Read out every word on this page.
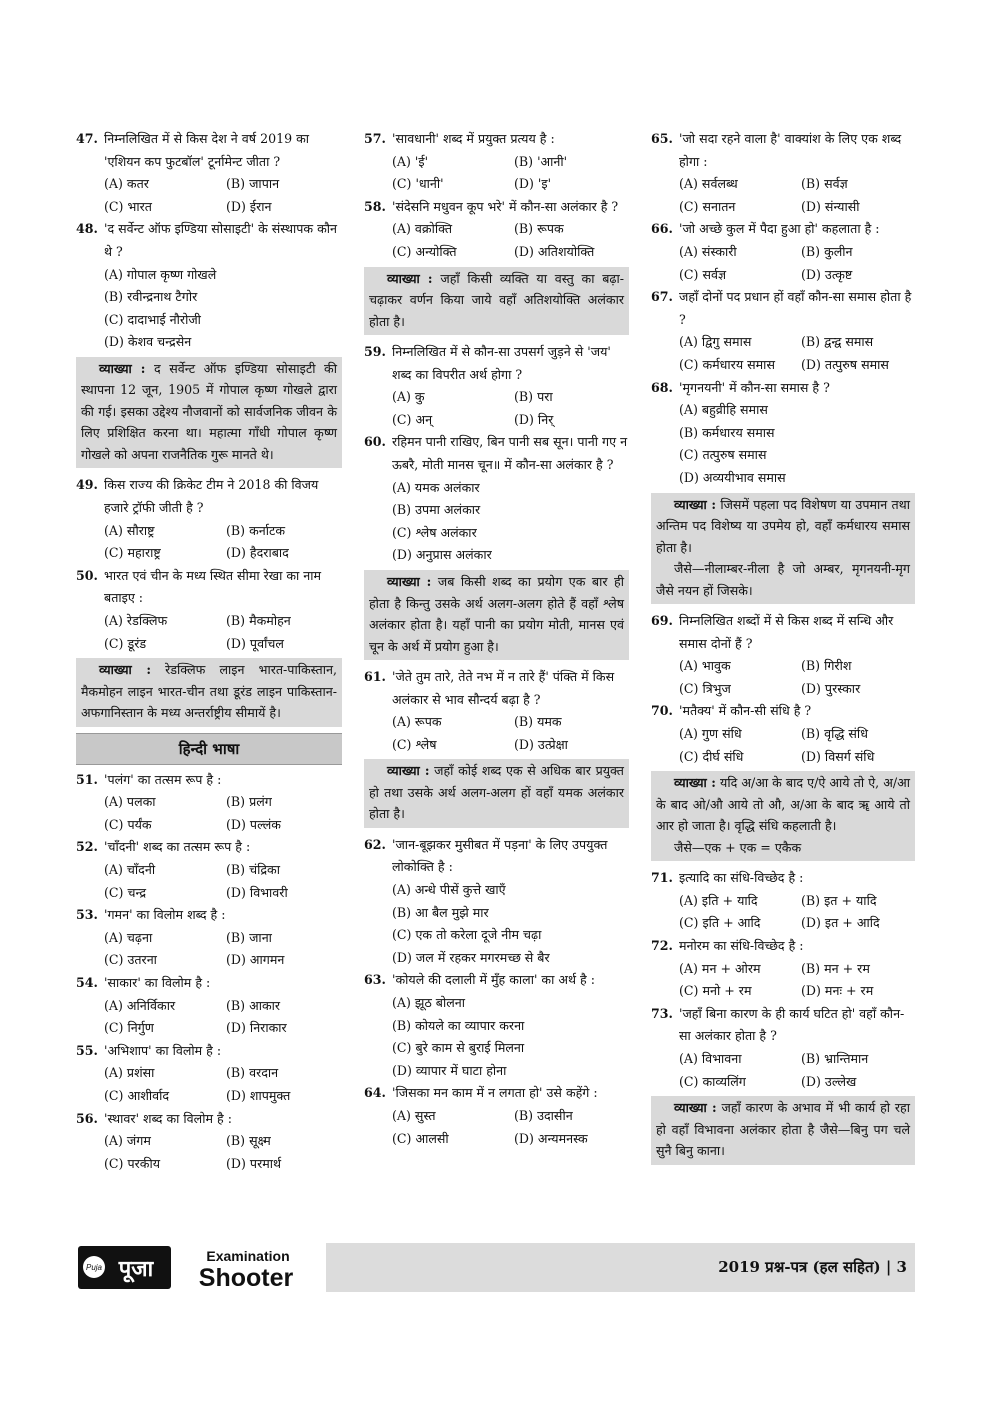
47. निम्नलिखित में से किस देश ने वर्ष 2019 का 'एशियन कप फुटबॉल' टूर्नामेन्ट जीता ?
(A) कतर	(B) जापान
(C) भारत	(D) ईरान
48. 'द सर्वेन्ट ऑफ इण्डिया सोसाइटी' के संस्थापक कौन थे ?
(A) गोपाल कृष्ण गोखले
(B) रवीन्द्रनाथ टैगोर
(C) दादाभाई नौरोजी
(D) केशव चन्द्रसेन
व्याख्या : द सर्वेन्ट ऑफ इण्डिया सोसाइटी की स्थापना 12 जून, 1905 में गोपाल कृष्ण गोखले द्वारा की गई। इसका उद्देश्य नौजवानों को सार्वजनिक जीवन के लिए प्रशिक्षित करना था। महात्मा गाँधी गोपाल कृष्ण गोखले को अपना राजनैतिक गुरू मानते थे।
49. किस राज्य की क्रिकेट टीम ने 2018 की विजय हजारे ट्रॉफी जीती है ?
(A) सौराष्ट्र	(B) कर्नाटक
(C) महाराष्ट्र	(D) हैदराबाद
50. भारत एवं चीन के मध्य स्थित सीमा रेखा का नाम बताइए :
(A) रेडक्लिफ	(B) मैकमोहन
(C) डूरंड	(D) पूर्वांचल
व्याख्या : रेडक्लिफ लाइन भारत-पाकिस्तान, मैकमोहन लाइन भारत-चीन तथा डूरंड लाइन पाकिस्तान-अफगानिस्तान के मध्य अन्तर्राष्ट्रीय सीमायें है।
हिन्दी भाषा
51. 'पलंग' का तत्सम रूप है :
(A) पलका	(B) प्रलंग
(C) पर्यंक	(D) पल्लंक
52. 'चाँदनी' शब्द का तत्सम रूप है :
(A) चाँदनी	(B) चंद्रिका
(C) चन्द्र	(D) विभावरी
53. 'गमन' का विलोम शब्द है :
(A) चढ़ना	(B) जाना
(C) उतरना	(D) आगमन
54. 'साकार' का विलोम है :
(A) अनिर्विकार	(B) आकार
(C) निर्गुण	(D) निराकार
55. 'अभिशाप' का विलोम है :
(A) प्रशंसा	(B) वरदान
(C) आशीर्वाद	(D) शापमुक्त
56. 'स्थावर' शब्द का विलोम है :
(A) जंगम	(B) सूक्ष्म
(C) परकीय	(D) परमार्थ
57. 'सावधानी' शब्द में प्रयुक्त प्रत्यय है :
(A) 'ई'	(B) 'आनी'
(C) 'धानी'	(D) 'इ'
58. 'संदेसनि मधुवन कूप भरे' में कौन-सा अलंकार है ?
(A) वक्रोक्ति	(B) रूपक
(C) अन्योक्ति	(D) अतिशयोक्ति
व्याख्या : जहाँ किसी व्यक्ति या वस्तु का बढ़ा-चढ़ाकर वर्णन किया जाये वहाँ अतिशयोक्ति अलंकार होता है।
59. निम्नलिखित में से कौन-सा उपसर्ग जुड़ने से 'जय' शब्द का विपरीत अर्थ होगा ?
(A) कु	(B) परा
(C) अन्	(D) निर्
60. रहिमन पानी राखिए, बिन पानी सब सून। पानी गए न ऊबरै, मोती मानस चून॥ में कौन-सा अलंकार है ?
(A) यमक अलंकार
(B) उपमा अलंकार
(C) श्लेष अलंकार
(D) अनुप्रास अलंकार
व्याख्या : जब किसी शब्द का प्रयोग एक बार ही होता है किन्तु उसके अर्थ अलग-अलग होते हैं वहाँ श्लेष अलंकार होता है। यहाँ पानी का प्रयोग मोती, मानस एवं चून के अर्थ में प्रयोग हुआ है।
61. 'जेते तुम तारे, तेते नभ में न तारे हैं' पंक्ति में किस अलंकार से भाव सौन्दर्य बढ़ा है ?
(A) रूपक	(B) यमक
(C) श्लेष	(D) उत्प्रेक्षा
व्याख्या : जहाँ कोई शब्द एक से अधिक बार प्रयुक्त हो तथा उसके अर्थ अलग-अलग हों वहाँ यमक अलंकार होता है।
62. 'जान-बूझकर मुसीबत में पड़ना' के लिए उपयुक्त लोकोक्ति है :
(A) अन्धे पीसें कुत्ते खाएँ
(B) आ बैल मुझे मार
(C) एक तो करेला दूजे नीम चढ़ा
(D) जल में रहकर मगरमच्छ से बैर
63. 'कोयले की दलाली में मुँह काला' का अर्थ है :
(A) झूठ बोलना
(B) कोयले का व्यापार करना
(C) बुरे काम से बुराई मिलना
(D) व्यापार में घाटा होना
64. 'जिसका मन काम में न लगता हो' उसे कहेंगे :
(A) सुस्त	(B) उदासीन
(C) आलसी	(D) अन्यमनस्क
65. 'जो सदा रहने वाला है' वाक्यांश के लिए एक शब्द होगा :
(A) सर्वलब्ध	(B) सर्वज्ञ
(C) सनातन	(D) संन्यासी
66. 'जो अच्छे कुल में पैदा हुआ हो' कहलाता है :
(A) संस्कारी	(B) कुलीन
(C) सर्वज्ञ	(D) उत्कृष्ट
67. जहाँ दोनों पद प्रधान हों वहाँ कौन-सा समास होता है ?
(A) द्विगु समास	(B) द्वन्द्व समास
(C) कर्मधारय समास	(D) तत्पुरुष समास
68. 'मृगनयनी' में कौन-सा समास है ?
(A) बहुव्रीहि समास
(B) कर्मधारय समास
(C) तत्पुरुष समास
(D) अव्ययीभाव समास
व्याख्या : जिसमें पहला पद विशेषण या उपमान तथा अन्तिम पद विशेष्य या उपमेय हो, वहाँ कर्मधारय समास होता है।
जैसे—नीलाम्बर-नीला है जो अम्बर, मृगनयनी-मृग जैसे नयन हों जिसके।
69. निम्नलिखित शब्दों में से किस शब्द में सन्धि और समास दोनों हैं ?
(A) भावुक	(B) गिरीश
(C) त्रिभुज	(D) पुरस्कार
70. 'मतैक्य' में कौन-सी संधि है ?
(A) गुण संधि	(B) वृद्धि संधि
(C) दीर्घ संधि	(D) विसर्ग संधि
व्याख्या : यदि अ/आ के बाद ए/ऐ आये तो ऐ, अ/आ के बाद ओ/औ आये तो औ, अ/आ के बाद ॠ आये तो आर हो जाता है। वृद्धि संधि कहलाती है।
जैसे—एक + एक = एकैक
71. इत्यादि का संधि-विच्छेद है :
(A) इति + यादि	(B) इत + यादि
(C) इति + आदि	(D) इत + आदि
72. मनोरम का संधि-विच्छेद है :
(A) मन + ओरम	(B) मन + रम
(C) मनो + रम	(D) मनः + रम
73. 'जहाँ बिना कारण के ही कार्य घटित हो' वहाँ कौन-सा अलंकार होता है ?
(A) विभावना	(B) भ्रान्तिमान
(C) काव्यलिंग	(D) उल्लेख
व्याख्या : जहाँ कारण के अभाव में भी कार्य हो रहा हो वहाँ विभावना अलंकार होता है जैसे—बिनु पग चले सुनै बिनु काना।
Puja पूजा
Examination
Shooter	2019 प्रश्न-पत्र (हल सहित) | 3
